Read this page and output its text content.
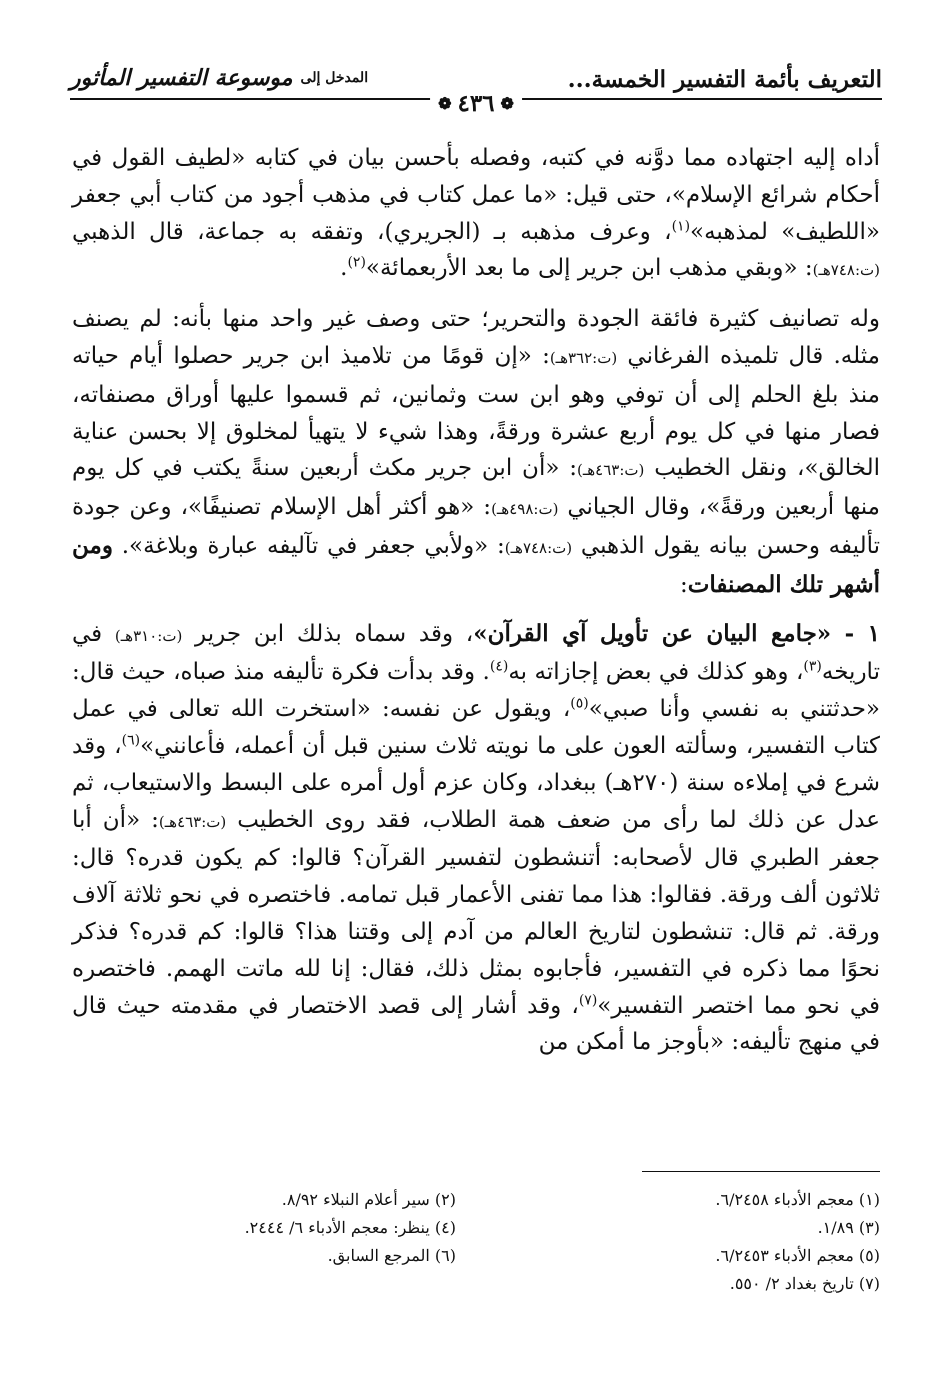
التعريف بأئمة التفسير الخمسة...
المدخل إلى
موسوعة التفسير المأثور
❁
٤٣٦
❁

أداه إليه اجتهاده مما دوَّنه في كتبه، وفصله بأحسن بيان في كتابه «لطيف القول في أحكام شرائع الإسلام»، حتى قيل: «ما عمل كتاب في مذهب أجود من كتاب أبي جعفر «اللطيف» لمذهبه»$^{(١)}$، وعرف مذهبه بـ (الجريري)، وتفقه به جماعة، قال الذهبي (ت:٧٤٨هـ): «وبقي مذهب ابن جرير إلى ما بعد الأربعمائة»$^{(٢)}$.

وله تصانيف كثيرة فائقة الجودة والتحرير؛ حتى وصف غير واحد منها بأنه: لم يصنف مثله. قال تلميذه الفرغاني (ت:٣٦٢هـ): «إن قومًا من تلاميذ ابن جرير حصلوا أيام حياته منذ بلغ الحلم إلى أن توفي وهو ابن ست وثمانين، ثم قسموا عليها أوراق مصنفاته، فصار منها في كل يوم أربع عشرة ورقةً، وهذا شيء لا يتهيأ لمخلوق إلا بحسن عناية الخالق»، ونقل الخطيب (ت:٤٦٣هـ): «أن ابن جرير مكث أربعين سنةً يكتب في كل يوم منها أربعين ورقةً»، وقال الجياني (ت:٤٩٨هـ): «هو أكثر أهل الإسلام تصنيفًا»، وعن جودة تأليفه وحسن بيانه يقول الذهبي (ت:٧٤٨هـ): «ولأبي جعفر في تآليفه عبارة وبلاغة». ومن أشهر تلك المصنفات:

١ - «جامع البيان عن تأويل آي القرآن»، وقد سماه بذلك ابن جرير (ت:٣١٠هـ) في تاريخه$^{(٣)}$، وهو كذلك في بعض إجازاته به$^{(٤)}$. وقد بدأت فكرة تأليفه منذ صباه، حيث قال: «حدثتني به نفسي وأنا صبي»$^{(٥)}$، ويقول عن نفسه: «استخرت الله تعالى في عمل كتاب التفسير، وسألته العون على ما نويته ثلاث سنين قبل أن أعمله، فأعانني»$^{(٦)}$، وقد شرع في إملاءه سنة (٢٧٠هـ) ببغداد، وكان عزم أول أمره على البسط والاستيعاب، ثم عدل عن ذلك لما رأى من ضعف همة الطلاب، فقد روى الخطيب (ت:٤٦٣هـ): «أن أبا جعفر الطبري قال لأصحابه: أتنشطون لتفسير القرآن؟ قالوا: كم يكون قدره؟ قال: ثلاثون ألف ورقة. فقالوا: هذا مما تفنى الأعمار قبل تمامه. فاختصره في نحو ثلاثة آلاف ورقة. ثم قال: تنشطون لتاريخ العالم من آدم إلى وقتنا هذا؟ قالوا: كم قدره؟ فذكر نحوًا مما ذكره في التفسير، فأجابوه بمثل ذلك، فقال: إنا لله ماتت الهمم. فاختصره في نحو مما اختصر التفسير»$^{(٧)}$، وقد أشار إلى قصد الاختصار في مقدمته حيث قال في منهج تأليفه: «بأوجز ما أمكن من

(١) معجم الأدباء ٦/٢٤٥٨.
(٢) سير أعلام النبلاء ٨/٩٢.
(٣) ١/٨٩.
(٤) ينظر: معجم الأدباء ٦/ ٢٤٤٤.
(٥) معجم الأدباء ٦/٢٤٥٣.
(٦) المرجع السابق.
(٧) تاريخ بغداد ٢/ ٥٥٠.
